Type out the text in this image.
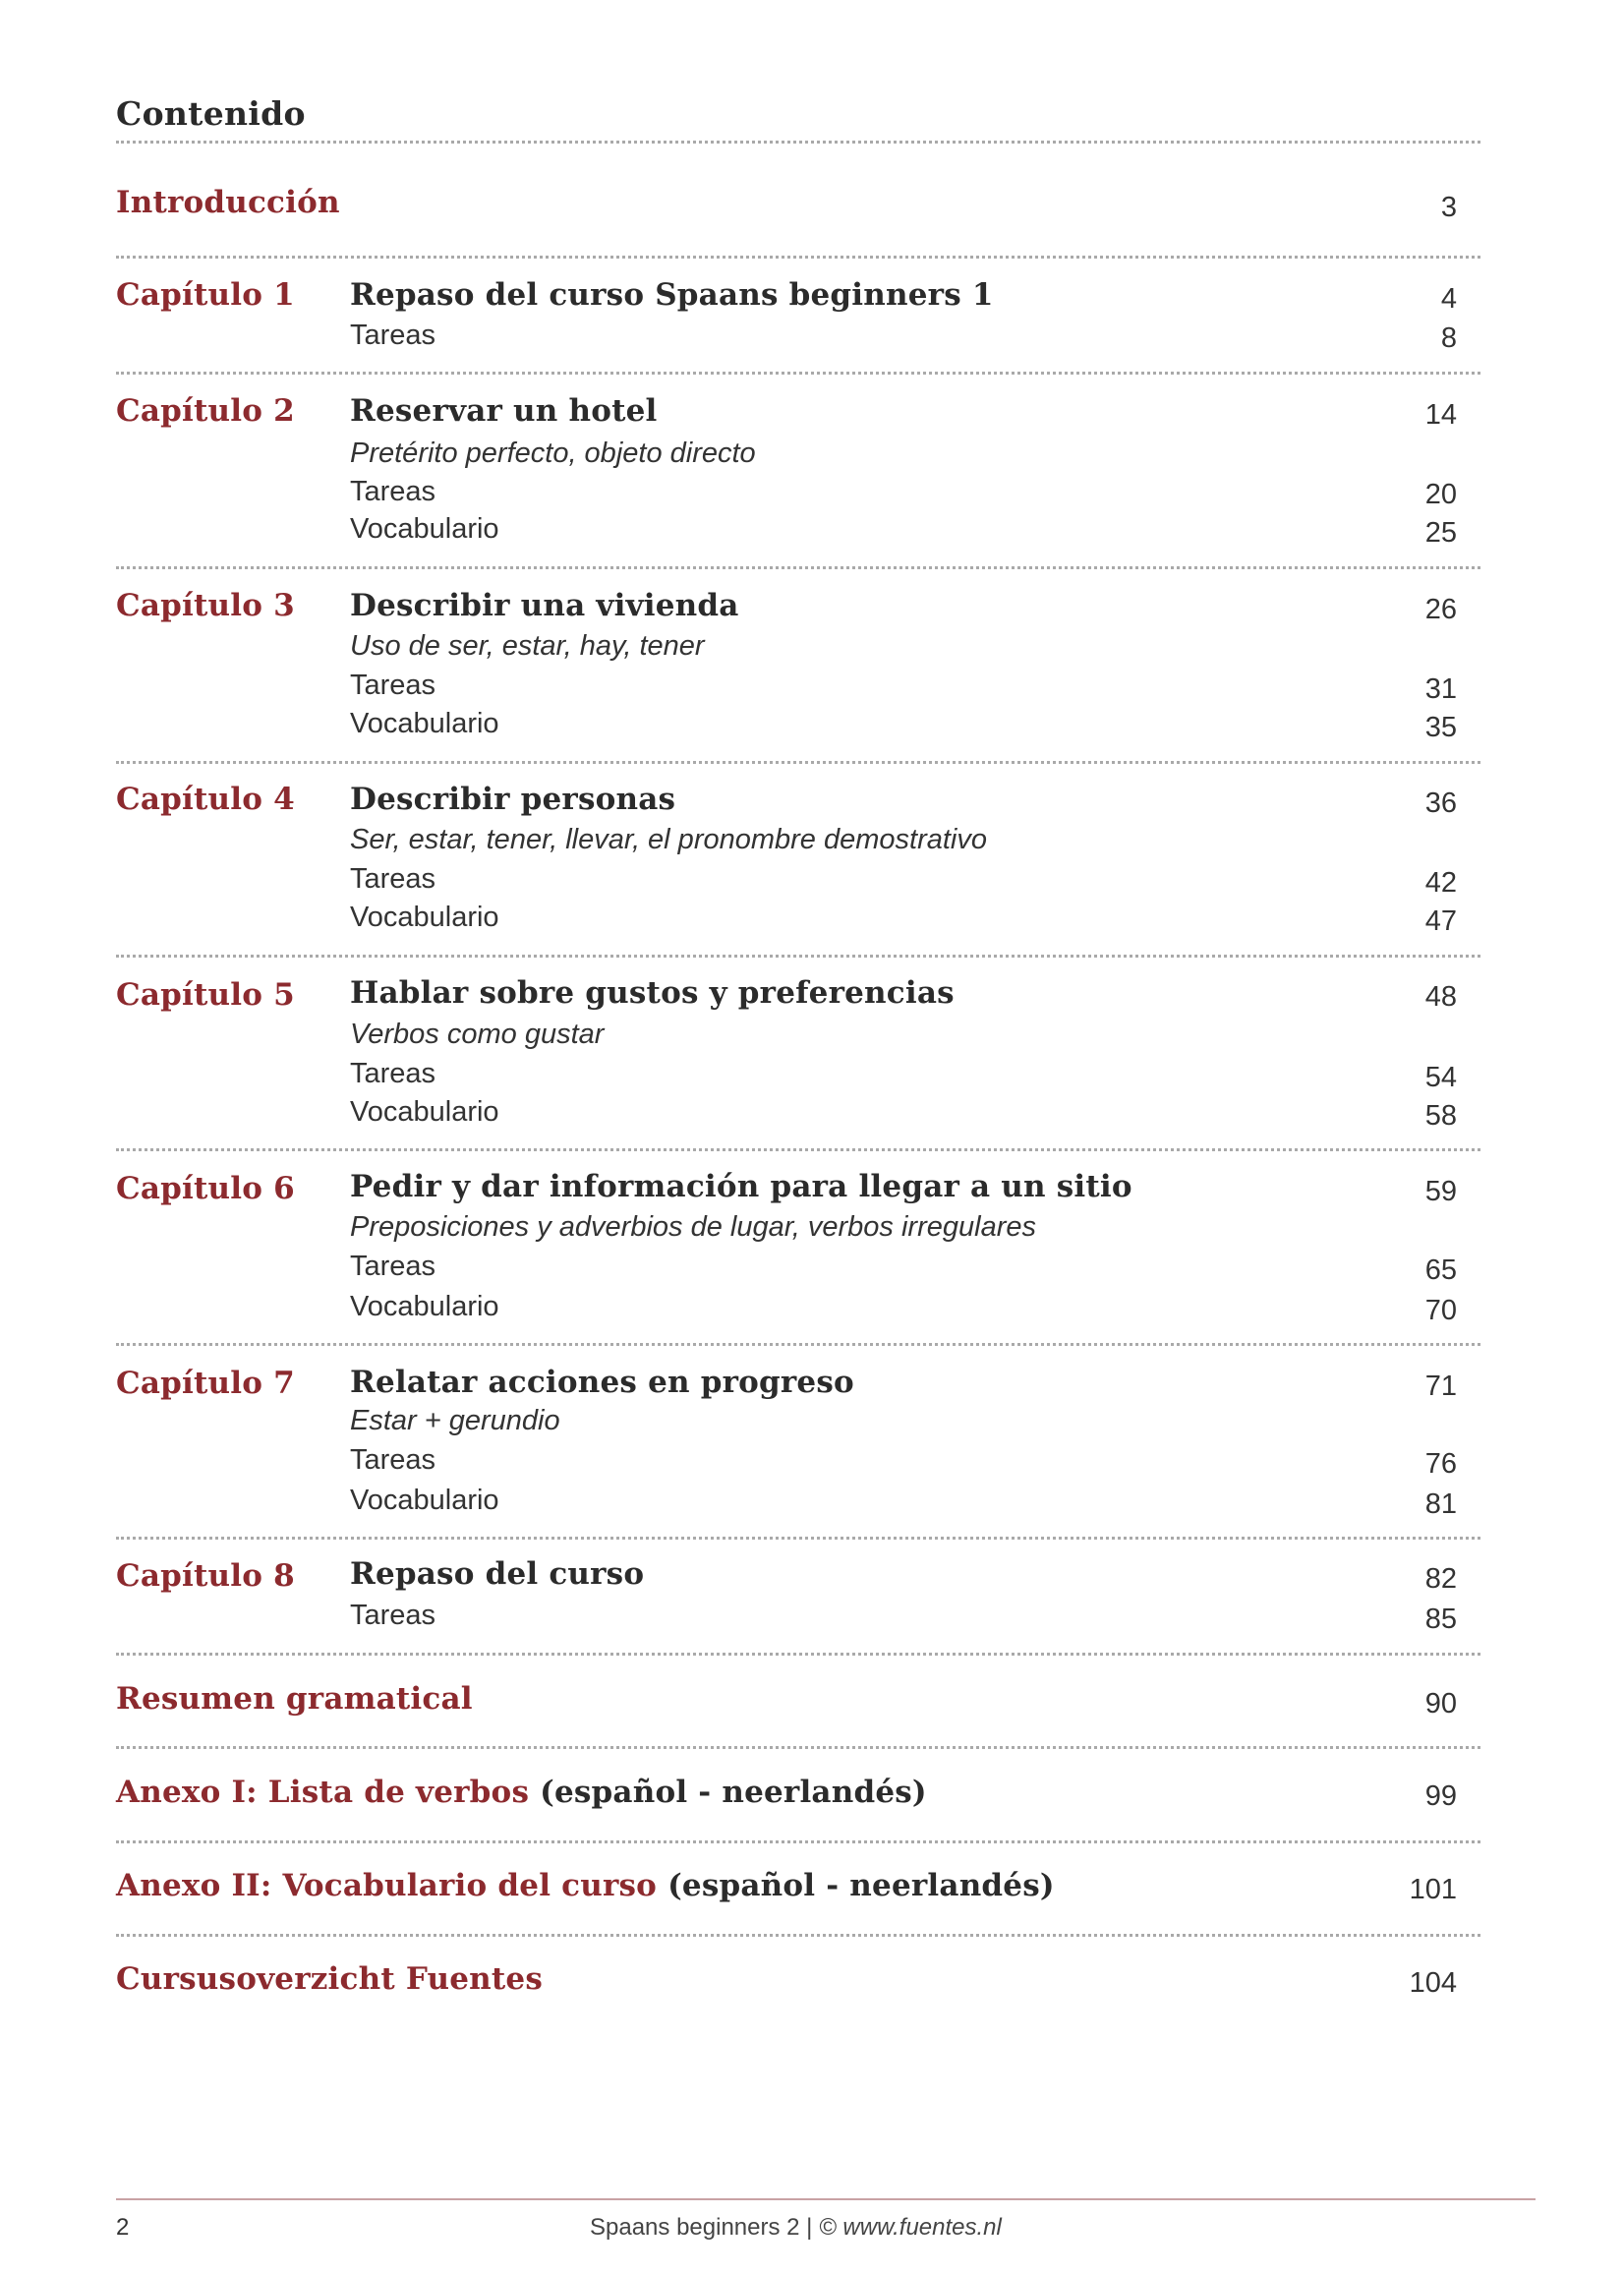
Contenido
Introducción	3
Capítulo 1 Repaso del curso Spaans beginners 1	4
Tareas	8
Capítulo 2 Reservar un hotel	14
Pretérito perfecto, objeto directo
Tareas	20
Vocabulario	25
Capítulo 3 Describir una vivienda	26
Uso de ser, estar, hay, tener
Tareas	31
Vocabulario	35
Capítulo 4 Describir personas	36
Ser, estar, tener, llevar, el pronombre demostrativo
Tareas	42
Vocabulario	47
Capítulo 5 Hablar sobre gustos y preferencias	48
Verbos como gustar
Tareas	54
Vocabulario	58
Capítulo 6 Pedir y dar información para llegar a un sitio	59
Preposiciones y adverbios de lugar, verbos irregulares
Tareas	65
Vocabulario	70
Capítulo 7 Relatar acciones en progreso	71
Estar + gerundio
Tareas	76
Vocabulario	81
Capítulo 8 Repaso del curso	82
Tareas	85
Resumen gramatical	90
Anexo I: Lista de verbos (español - neerlandés)	99
Anexo II: Vocabulario del curso (español - neerlandés)	101
Cursusoverzicht Fuentes	104
2	Spaans beginners 2 | © www.fuentes.nl
